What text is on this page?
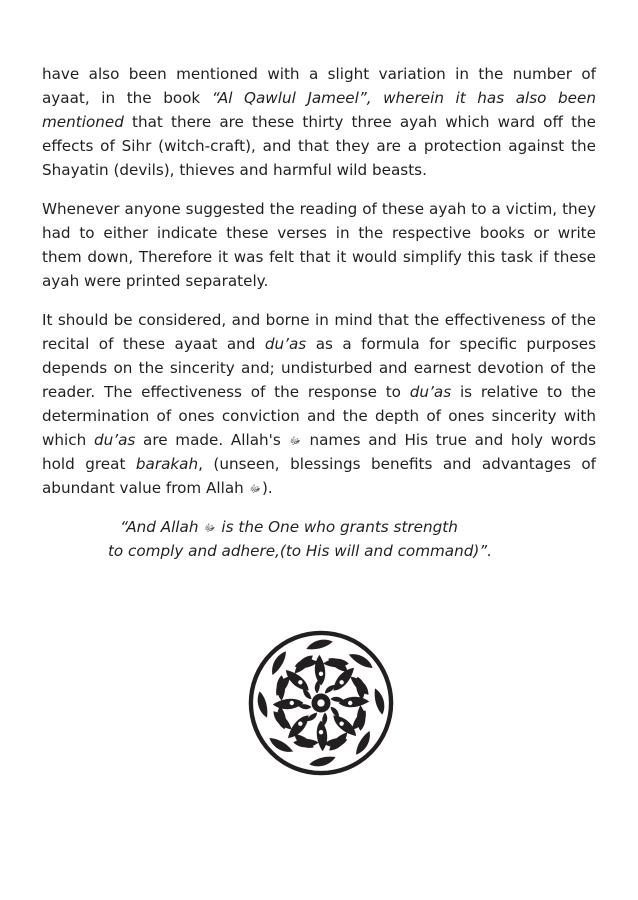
have also been mentioned with a slight variation in the number of ayaat, in the book “Al Qawlul Jameel”, wherein it has also been mentioned that there are these thirty three ayah which ward off the effects of Sihr (witch-craft), and that they are a protection against the Shayatin (devils), thieves and harmful wild beasts.

Whenever anyone suggested the reading of these ayah to a victim, they had to either indicate these verses in the respective books or write them down, Therefore it was felt that it would simplify this task if these ayah were printed separately.

It should be considered, and borne in mind that the effectiveness of the recital of these ayaat and du’as as a formula for specific purposes depends on the sincerity and; undisturbed and earnest devotion of the reader. The effectiveness of the response to du’as is relative to the determination of ones conviction and the depth of ones sincerity with which du’as are made. Allah's ﷻ names and His true and holy words hold great barakah, (unseen, blessings benefits and advantages of abundant value from Allah ﷻ).

“And Allah ﷻ is the One who grants strength
to comply and adhere,(to His will and command)”.
